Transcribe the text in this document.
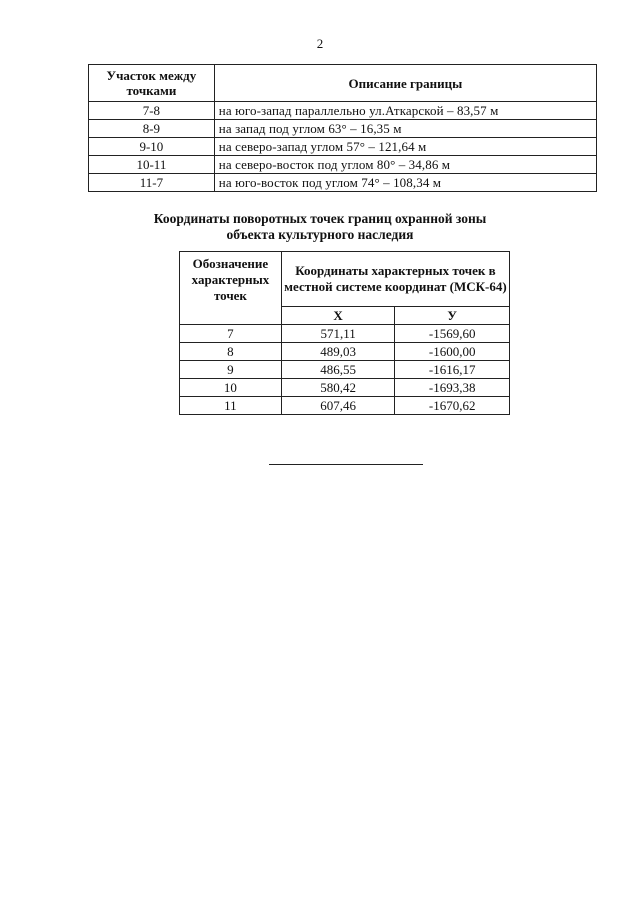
2
Участок между точками	Описание границы
7-8	на юго-запад параллельно ул.Аткарской – 83,57 м
8-9	на запад под углом 63° – 16,35 м
9-10	на северо-запад углом 57° – 121,64 м
10-11	на северо-восток под углом 80° – 34,86 м
11-7	на юго-восток под углом 74° – 108,34 м
Координаты поворотных точек границ охранной зоны
объекта культурного наследия
Обозначение характерных точек	Координаты характерных точек в местной системе координат (МСК-64)	
	Х	У
7	571,11	-1569,60
8	489,03	-1600,00
9	486,55	-1616,17
10	580,42	-1693,38
11	607,46	-1670,62
